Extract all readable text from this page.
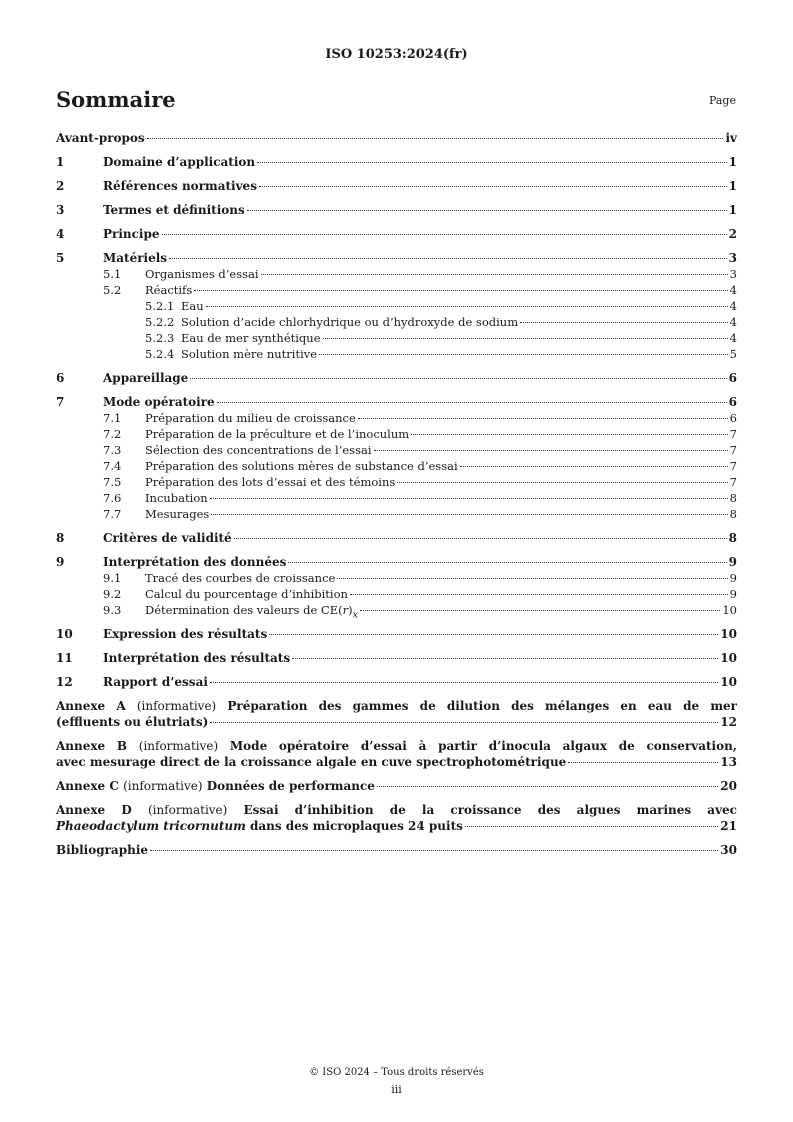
ISO 10253:2024(fr)
Sommaire	Page
Avant-propos	iv
1	Domaine d’application	1
2	Références normatives	1
3	Termes et définitions	1
4	Principe	2
5	Matériels	3
5.1	Organismes d’essai	3
5.2	Réactifs	4
5.2.1 Eau	4
5.2.2 Solution d’acide chlorhydrique ou d’hydroxyde de sodium	4
5.2.3 Eau de mer synthétique	4
5.2.4 Solution mère nutritive	5
6	Appareillage	6
7	Mode opératoire	6
7.1	Préparation du milieu de croissance	6
7.2	Préparation de la préculture et de l’inoculum	7
7.3	Sélection des concentrations de l’essai	7
7.4	Préparation des solutions mères de substance d’essai	7
7.5	Préparation des lots d’essai et des témoins	7
7.6	Incubation	8
7.7	Mesurages	8
8	Critères de validité	8
9	Interprétation des données	9
9.1	Tracé des courbes de croissance	9
9.2	Calcul du pourcentage d’inhibition	9
9.3	Détermination des valeurs de $CE(r)_x$	10
10	Expression des résultats	10
11	Interprétation des résultats	10
12	Rapport d’essai	10
Annexe A (informative) Préparation des gammes de dilution des mélanges en eau de mer
(effluents ou élutriats)	12
Annexe B (informative) Mode opératoire d’essai à partir d’inocula algaux de conservation,
avec mesurage direct de la croissance algale en cuve spectrophotométrique	13
Annexe C (informative) Données de performance	20
Annexe D (informative) Essai d’inhibition de la croissance des algues marines avec
Phaeodactylum tricornutum dans des microplaques 24 puits	21
Bibliographie	30
© ISO 2024 – Tous droits réservés
iii
